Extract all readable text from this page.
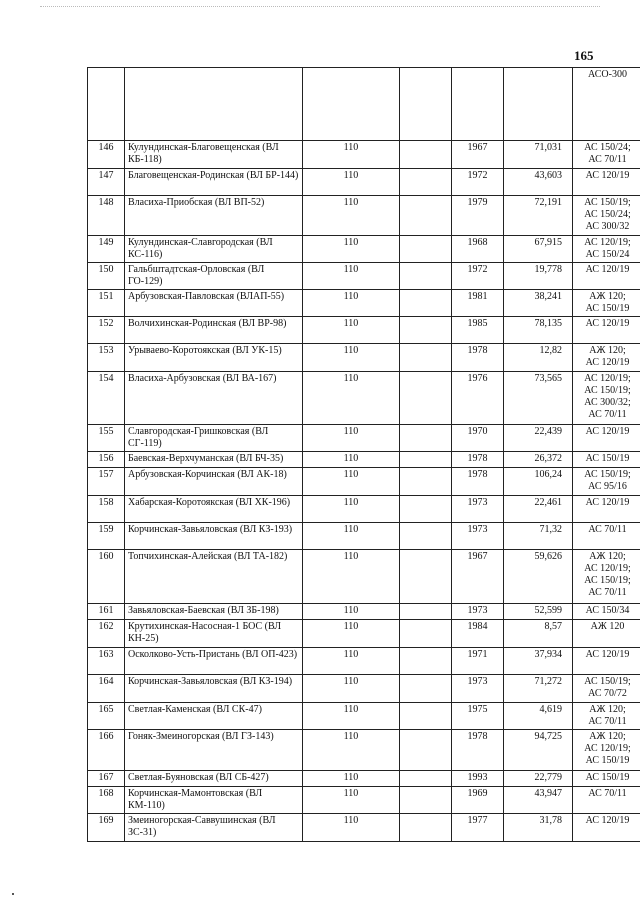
165

						АСО-300

146	Кулундинская-Благовещенская (ВЛ КБ-118)	110		1967	71,031	АС 150/24;
АС 70/11

147	Благовещенская-Родинская (ВЛ БР-144)	110		1972	43,603	АС 120/19

148	Власиха-Приобская (ВЛ ВП-52)	110		1979	72,191	АС 150/19;
АС 150/24;
АС 300/32

149	Кулундинская-Славгородская (ВЛ КС-116)	110		1968	67,915	АС 120/19;
АС 150/24

150	Гальбштадтская-Орловская (ВЛ ГО-129)	110		1972	19,778	АС 120/19

151	Арбузовская-Павловская (ВЛАП-55)	110		1981	38,241	АЖ 120;
АС 150/19

152	Волчихинская-Родинская (ВЛ ВР-98)	110		1985	78,135	АС 120/19

153	Урываево-Коротоякская (ВЛ УК-15)	110		1978	12,82	АЖ 120;
АС 120/19

154	Власиха-Арбузовская (ВЛ ВА-167)	110		1976	73,565	АС 120/19;
АС 150/19;
АС 300/32;
АС 70/11

155	Славгородская-Гришковская (ВЛ СГ-119)	110		1970	22,439	АС 120/19

156	Баевская-Верхчуманская (ВЛ БЧ-35)	110		1978	26,372	АС 150/19

157	Арбузовская-Корчинская (ВЛ АК-18)	110		1978	106,24	АС 150/19;
АС 95/16

158	Хабарская-Коротоякская (ВЛ ХК-196)	110		1973	22,461	АС 120/19

159	Корчинская-Завьяловская (ВЛ КЗ-193)	110		1973	71,32	АС 70/11

160	Топчихинская-Алейская (ВЛ ТА-182)	110		1967	59,626	АЖ 120;
АС 120/19;
АС 150/19;
АС 70/11

161	Завьяловская-Баевская (ВЛ ЗБ-198)	110		1973	52,599	АС 150/34

162	Крутихинская-Насосная-1 БОС (ВЛ КН-25)	110		1984	8,57	АЖ 120

163	Осколково-Усть-Пристань (ВЛ ОП-423)	110		1971	37,934	АС 120/19

164	Корчинская-Завьяловская (ВЛ КЗ-194)	110		1973	71,272	АС 150/19;
АС 70/72

165	Светлая-Каменская (ВЛ СК-47)	110		1975	4,619	АЖ 120;
АС 70/11

166	Гоняк-Змеиногорская (ВЛ ГЗ-143)	110		1978	94,725	АЖ 120;
АС 120/19;
АС 150/19

167	Светлая-Буяновская (ВЛ СБ-427)	110		1993	22,779	АС 150/19

168	Корчинская-Мамонтовская (ВЛ КМ-110)	110		1969	43,947	АС 70/11

169	Змеиногорская-Саввушинская (ВЛ ЗС-31)	110		1977	31,78	АС 120/19
